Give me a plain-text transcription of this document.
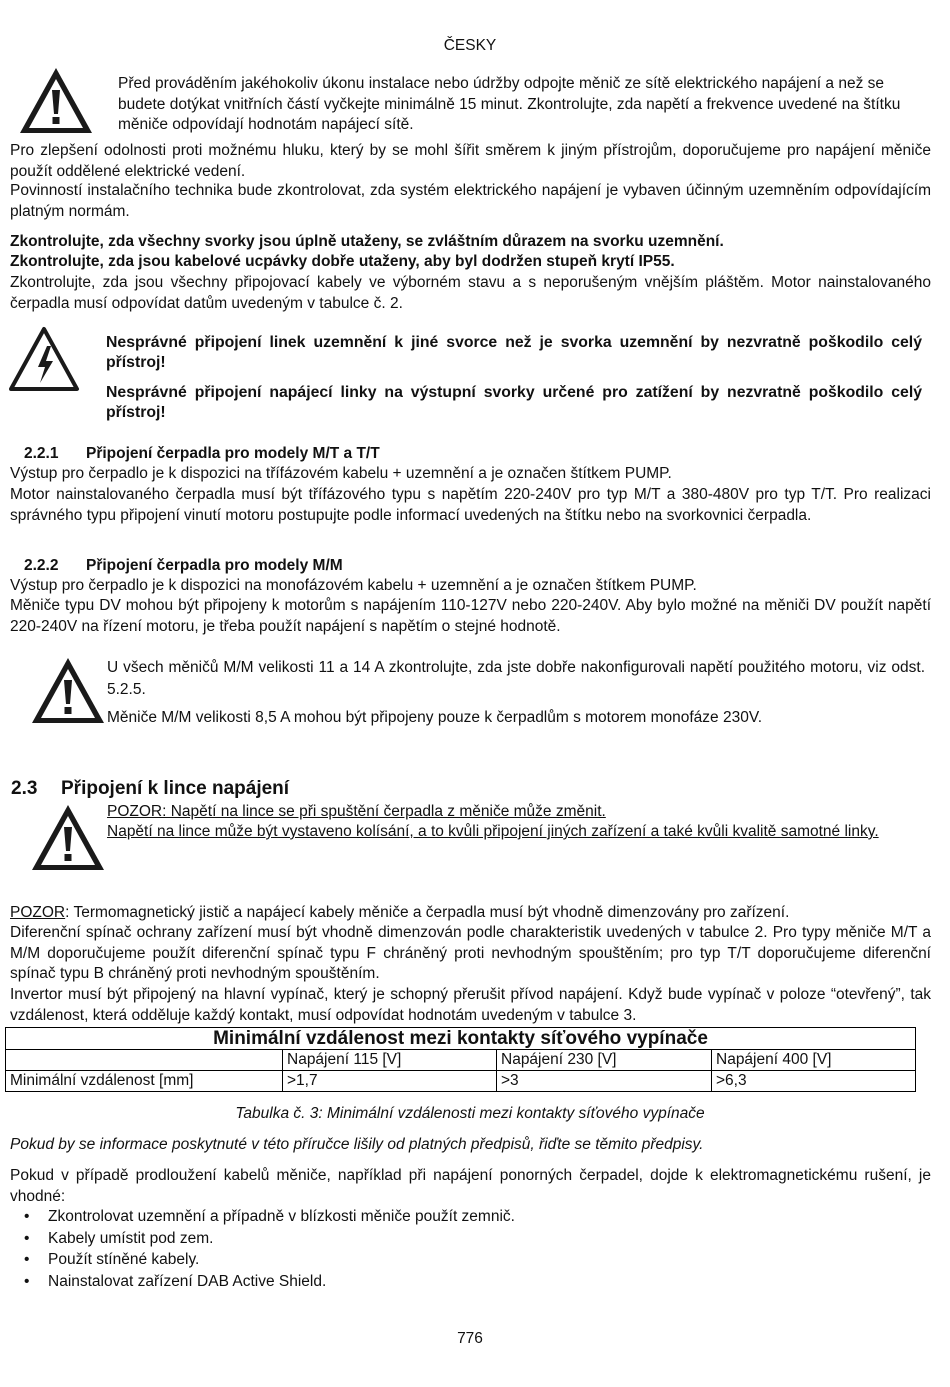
ČESKY

Před prováděním jakéhokoliv úkonu instalace nebo údržby odpojte měnič ze sítě elektrického napájení a než se budete dotýkat vnitřních částí vyčkejte minimálně 15 minut. Zkontrolujte, zda napětí a frekvence uvedené na štítku měniče odpovídají hodnotám napájecí sítě.

Pro zlepšení odolnosti proti možnému hluku, který by se mohl šířit směrem k jiným přístrojům, doporučujeme pro napájení měniče použít oddělené elektrické vedení.

Povinností instalačního technika bude zkontrolovat, zda systém elektrického napájení je vybaven účinným uzemněním odpovídajícím platným normám.

Zkontrolujte, zda všechny svorky jsou úplně utaženy, se zvláštním důrazem na svorku uzemnění.

Zkontrolujte, zda jsou kabelové ucpávky dobře utaženy, aby byl dodržen stupeň krytí IP55.

Zkontrolujte, zda jsou všechny připojovací kabely ve výborném stavu a s neporušeným vnějším pláštěm. Motor nainstalovaného čerpadla musí odpovídat datům uvedeným v tabulce č. 2.

Nesprávné připojení linek uzemnění k jiné svorce než je svorka uzemnění by nezvratně poškodilo celý přístroj!

Nesprávné připojení napájecí linky na výstupní svorky určené pro zatížení by nezvratně poškodilo celý přístroj!

2.2.1 Připojení čerpadla pro modely M/T a T/T

Výstup pro čerpadlo je k dispozici na třífázovém kabelu + uzemnění a je označen štítkem PUMP.

Motor nainstalovaného čerpadla musí být třífázového typu s napětím 220-240V pro typ M/T a 380-480V pro typ T/T. Pro realizaci správného typu připojení vinutí motoru postupujte podle informací uvedených na štítku nebo na svorkovnici čerpadla.

2.2.2 Připojení čerpadla pro modely M/M

Výstup pro čerpadlo je k dispozici na monofázovém kabelu + uzemnění a je označen štítkem PUMP.

Měniče typu DV mohou být připojeny k motorům s napájením 110-127V nebo 220-240V. Aby bylo možné na měniči DV použít napětí 220-240V na řízení motoru, je třeba použít napájení s napětím o stejné hodnotě.

U všech měničů M/M velikosti 11 a 14 A zkontrolujte, zda jste dobře nakonfigurovali napětí použitého motoru, viz odst. 5.2.5.

Měniče M/M velikosti 8,5 A mohou být připojeny pouze k čerpadlům s motorem monofáze 230V.

2.3 Připojení k lince napájení

POZOR: Napětí na lince se při spuštění čerpadla z měniče může změnit.

Napětí na lince může být vystaveno kolísání, a to kvůli připojení jiných zařízení a také kvůli kvalitě samotné linky.

POZOR: Termomagnetický jistič a napájecí kabely měniče a čerpadla musí být vhodně dimenzovány pro zařízení.

Diferenční spínač ochrany zařízení musí být vhodně dimenzován podle charakteristik uvedených v tabulce 2. Pro typy měniče M/T a M/M doporučujeme použít diferenční spínač typu F chráněný proti nevhodným spouštěním; pro typ T/T doporučujeme diferenční spínač typu B chráněný proti nevhodným spouštěním.

Invertor musí být připojený na hlavní vypínač, který je schopný přerušit přívod napájení. Když bude vypínač v poloze “otevřený”, tak vzdálenost, která odděluje každý kontakt, musí odpovídat hodnotám uvedeným v tabulce 3.

Minimální vzdálenost mezi kontakty síťového vypínače			
	Napájení 115 [V]	Napájení 230 [V]	Napájení 400 [V]
Minimální vzdálenost [mm]	>1,7	>3	>6,3

Tabulka č. 3: Minimální vzdálenosti mezi kontakty síťového vypínače

Pokud by se informace poskytnuté v této příručce lišily od platných předpisů, řiďte se těmito předpisy.

Pokud v případě prodloužení kabelů měniče, například při napájení ponorných čerpadel, dojde k elektromagnetickému rušení, je vhodné:

• Zkontrolovat uzemnění a případně v blízkosti měniče použít zemnič.
• Kabely umístit pod zem.
• Použít stíněné kabely.
• Nainstalovat zařízení DAB Active Shield.
776
